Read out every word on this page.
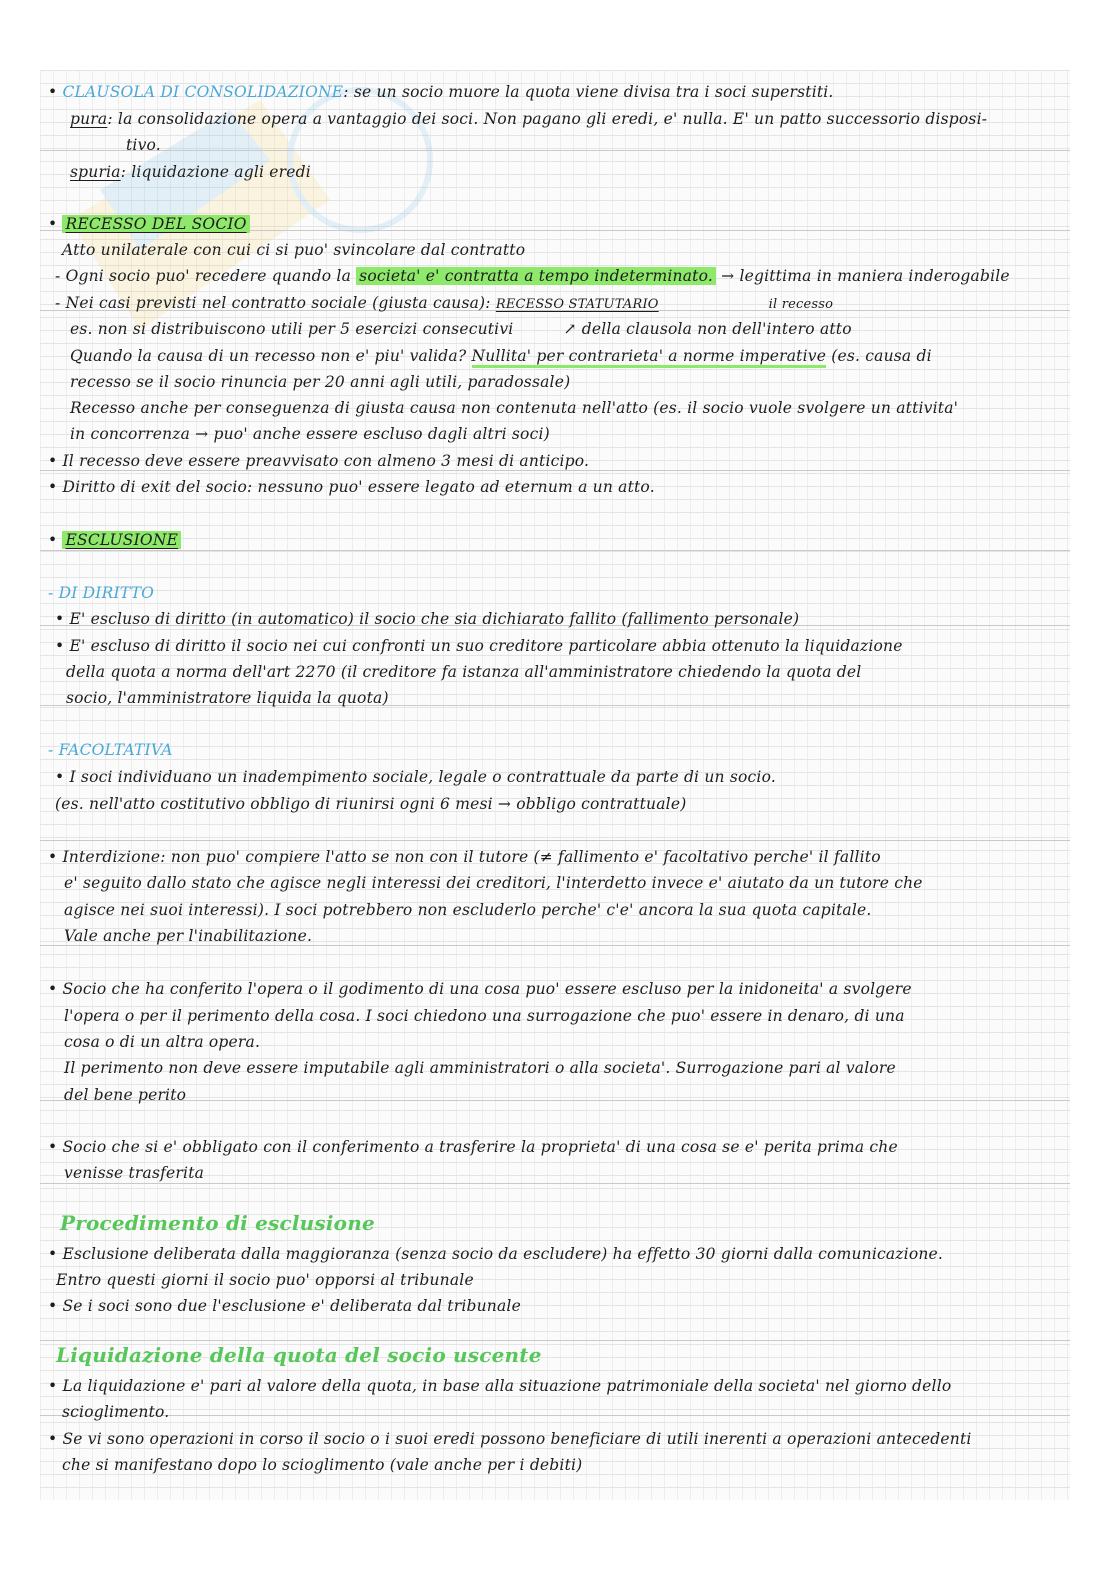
• CLAUSOLA DI CONSOLIDAZIONE: se un socio muore la quota viene divisa tra i soci superstiti.
pura: la consolidazione opera a vantaggio dei soci. Non pagano gli eredi, e' nulla. E' un patto successorio disposi-
tivo.
spuria: liquidazione agli eredi
• RECESSO DEL SOCIO
Atto unilaterale con cui ci si puo' svincolare dal contratto
- Ogni socio puo' recedere quando la societa' e' contratta a tempo indeterminato. → legittima in maniera inderogabile
- Nei casi previsti nel contratto sociale (giusta causa): RECESSO STATUTARIO	il recesso
es. non si distribuiscono utili per 5 esercizi consecutivi	↗ della clausola non dell'intero atto
Quando la causa di un recesso non e' piu' valida? Nullita' per contrarieta' a norme imperative (es. causa di
recesso se il socio rinuncia per 20 anni agli utili, paradossale)
Recesso anche per conseguenza di giusta causa non contenuta nell'atto (es. il socio vuole svolgere un attivita'
in concorrenza → puo' anche essere escluso dagli altri soci)
• Il recesso deve essere preavvisato con almeno 3 mesi di anticipo.
• Diritto di exit del socio: nessuno puo' essere legato ad eternum a un atto.
• ESCLUSIONE
- DI DIRITTO
• E' escluso di diritto (in automatico) il socio che sia dichiarato fallito (fallimento personale)
• E' escluso di diritto il socio nei cui confronti un suo creditore particolare abbia ottenuto la liquidazione
della quota a norma dell'art 2270 (il creditore fa istanza all'amministratore chiedendo la quota del
socio, l'amministratore liquida la quota)
- FACOLTATIVA
• I soci individuano un inadempimento sociale, legale o contrattuale da parte di un socio.
(es. nell'atto costitutivo obbligo di riunirsi ogni 6 mesi → obbligo contrattuale)
• Interdizione: non puo' compiere l'atto se non con il tutore (≠ fallimento e' facoltativo perche' il fallito
e' seguito dallo stato che agisce negli interessi dei creditori, l'interdetto invece e' aiutato da un tutore che
agisce nei suoi interessi). I soci potrebbero non escluderlo perche' c'e' ancora la sua quota capitale.
Vale anche per l'inabilitazione.
• Socio che ha conferito l'opera o il godimento di una cosa puo' essere escluso per la inidoneita' a svolgere
l'opera o per il perimento della cosa. I soci chiedono una surrogazione che puo' essere in denaro, di una
cosa o di un altra opera.
Il perimento non deve essere imputabile agli amministratori o alla societa'. Surrogazione pari al valore
del bene perito
• Socio che si e' obbligato con il conferimento a trasferire la proprieta' di una cosa se e' perita prima che
venisse trasferita
Procedimento di esclusione
• Esclusione deliberata dalla maggioranza (senza socio da escludere) ha effetto 30 giorni dalla comunicazione.
Entro questi giorni il socio puo' opporsi al tribunale
• Se i soci sono due l'esclusione e' deliberata dal tribunale
Liquidazione della quota del socio uscente
• La liquidazione e' pari al valore della quota, in base alla situazione patrimoniale della societa' nel giorno dello
scioglimento.
• Se vi sono operazioni in corso il socio o i suoi eredi possono beneficiare di utili inerenti a operazioni antecedenti
che si manifestano dopo lo scioglimento (vale anche per i debiti)
